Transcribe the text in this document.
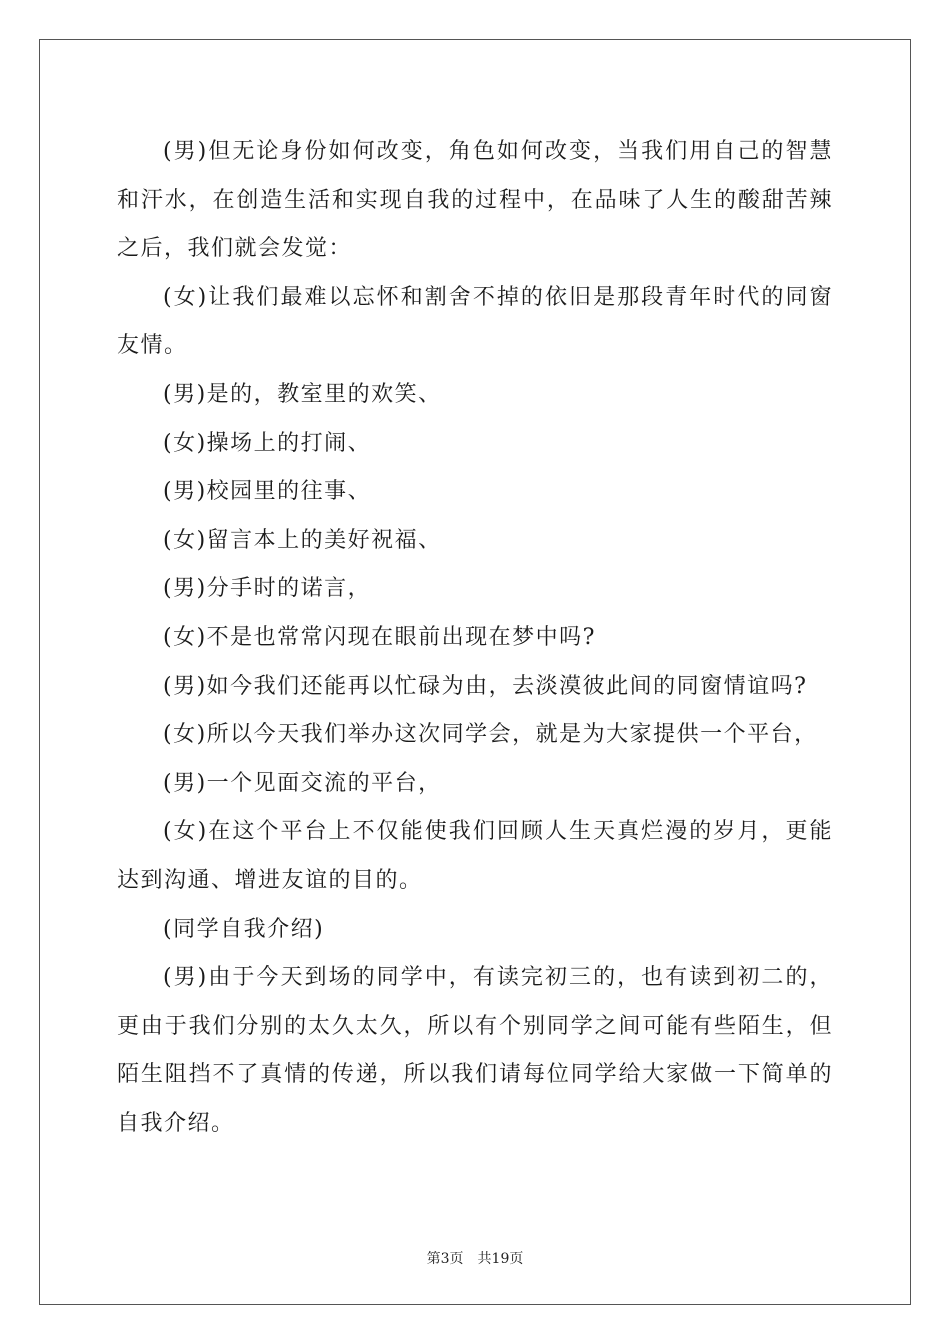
(男)但无论身份如何改变，角色如何改变，当我们用自己的智慧和汗水，在创造生活和实现自我的过程中，在品味了人生的酸甜苦辣之后，我们就会发觉：

(女)让我们最难以忘怀和割舍不掉的依旧是那段青年时代的同窗友情。

(男)是的，教室里的欢笑、

(女)操场上的打闹、

(男)校园里的往事、

(女)留言本上的美好祝福、

(男)分手时的诺言，

(女)不是也常常闪现在眼前出现在梦中吗?

(男)如今我们还能再以忙碌为由，去淡漠彼此间的同窗情谊吗?

(女)所以今天我们举办这次同学会，就是为大家提供一个平台，

(男)一个见面交流的平台，

(女)在这个平台上不仅能使我们回顾人生天真烂漫的岁月，更能达到沟通、增进友谊的目的。

(同学自我介绍)

(男)由于今天到场的同学中，有读完初三的，也有读到初二的，更由于我们分别的太久太久，所以有个别同学之间可能有些陌生，但陌生阻挡不了真情的传递，所以我们请每位同学给大家做一下简单的自我介绍。

第3页 共19页
